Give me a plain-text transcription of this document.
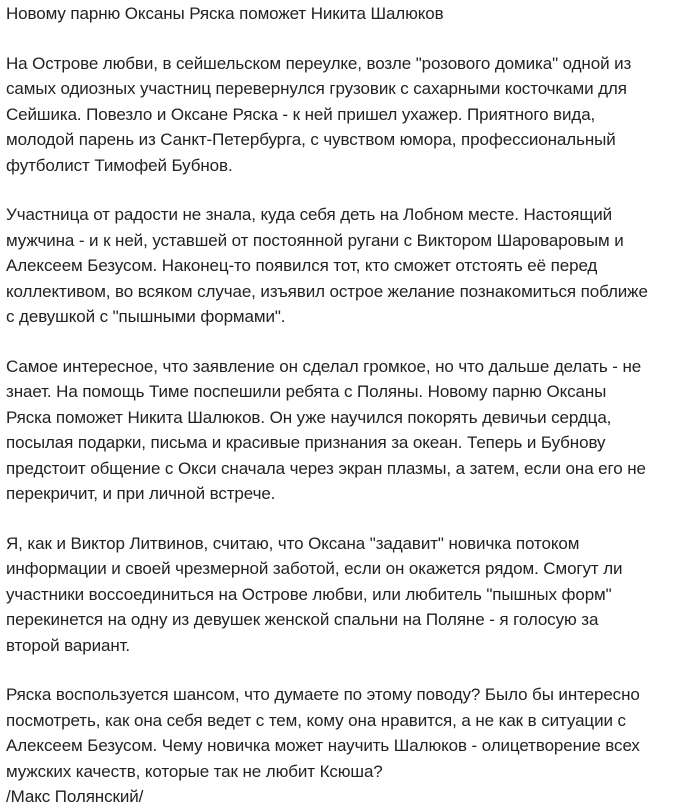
Новому парню Оксаны Ряска поможет Никита Шалюков

На Острове любви, в сейшельском переулке, возле "розового домика" одной из
самых одиозных участниц перевернулся грузовик с сахарными косточками для
Сейшика. Повезло и Оксане Ряска - к ней пришел ухажер. Приятного вида,
молодой парень из Санкт-Петербурга, с чувством юмора, профессиональный
футболист Тимофей Бубнов.

Участница от радости не знала, куда себя деть на Лобном месте. Настоящий
мужчина - и к ней, уставшей от постоянной ругани с Виктором Шароваровым и
Алексеем Безусом. Наконец-то появился тот, кто сможет отстоять её перед
коллективом, во всяком случае, изъявил острое желание познакомиться поближе
с девушкой с "пышными формами".

Самое интересное, что заявление он сделал громкое, но что дальше делать - не
знает. На помощь Тиме поспешили ребята с Поляны. Новому парню Оксаны
Ряска поможет Никита Шалюков. Он уже научился покорять девичьи сердца,
посылая подарки, письма и красивые признания за океан. Теперь и Бубнову
предстоит общение с Окси сначала через экран плазмы, а затем, если она его не
перекричит, и при личной встрече.

Я, как и Виктор Литвинов, считаю, что Оксана "задавит" новичка потоком
информации и своей чрезмерной заботой, если он окажется рядом. Смогут ли
участники воссоединиться на Острове любви, или любитель "пышных форм"
перекинется на одну из девушек женской спальни на Поляне - я голосую за
второй вариант.

Ряска воспользуется шансом, что думаете по этому поводу? Было бы интересно
посмотреть, как она себя ведет с тем, кому она нравится, а не как в ситуации с
Алексеем Безусом. Чему новичка может научить Шалюков - олицетворение всех
мужских качеств, которые так не любит Ксюша?
/Макс Полянский/
